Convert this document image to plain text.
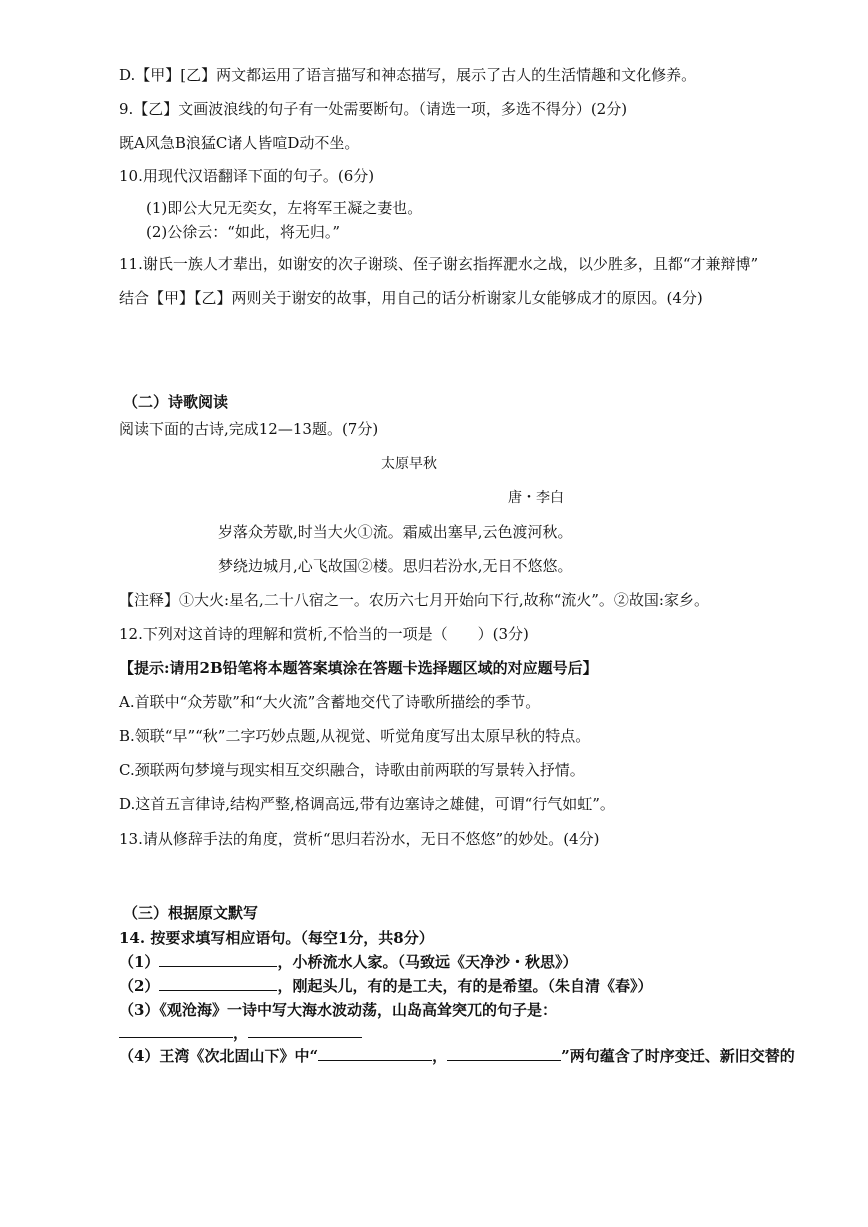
D.【甲】[乙】两文都运用了语言描写和神态描写，展示了古人的生活情趣和文化修养。
9.【乙】文画波浪线的句子有一处需要断句。（请选一项，多选不得分）(2分)
既A风急B浪猛C诸人皆喧D动不坐。
10.用现代汉语翻译下面的句子。(6分)
(1)即公大兄无奕女，左将军王凝之妻也。
(2)公徐云：“如此，将无归。”
11.谢氏一族人才辈出，如谢安的次子谢琰、侄子谢玄指挥淝水之战，以少胜多，且都“才兼辩博”
结合【甲】【乙】两则关于谢安的故事，用自己的话分析谢家儿女能够成才的原因。(4分)
（二）诗歌阅读
阅读下面的古诗,完成12—13题。(7分)
太原早秋
唐・李白
岁落众芳歇,时当大火①流。霜威出塞早,云色渡河秋。
梦绕边城月,心飞故国②楼。思归若汾水,无日不悠悠。
【注释】①大火:星名,二十八宿之一。农历六七月开始向下行,故称“流火”。②故国:家乡。
12.下列对这首诗的理解和赏析,不恰当的一项是（　　）(3分)
【提示:请用2B铅笔将本题答案填涂在答题卡选择题区域的对应题号后】
A.首联中“众芳歇”和“大火流”含蓄地交代了诗歌所描绘的季节。
B.领联“早”“秋”二字巧妙点题,从视觉、听觉角度写出太原早秋的特点。
C.颈联两句梦境与现实相互交织融合，诗歌由前两联的写景转入抒情。
D.这首五言律诗,结构严整,格调高远,带有边塞诗之雄健，可谓“行气如虹”。
13.请从修辞手法的角度，赏析“思归若汾水，无日不悠悠”的妙处。(4分)
（三）根据原文默写
14. 按要求填写相应语句。（每空1分，共8分）
（1）	，小桥流水人家。（马致远《天净沙・秋思》）
（2）	，刚起头儿，有的是工夫，有的是希望。（朱自清《春》）
（3）《观沧海》一诗中写大海水波动荡，山岛高耸突兀的句子是：
，
（4）王湾《次北固山下》中“	，	”两句蕴含了时序变迁、新旧交替的
